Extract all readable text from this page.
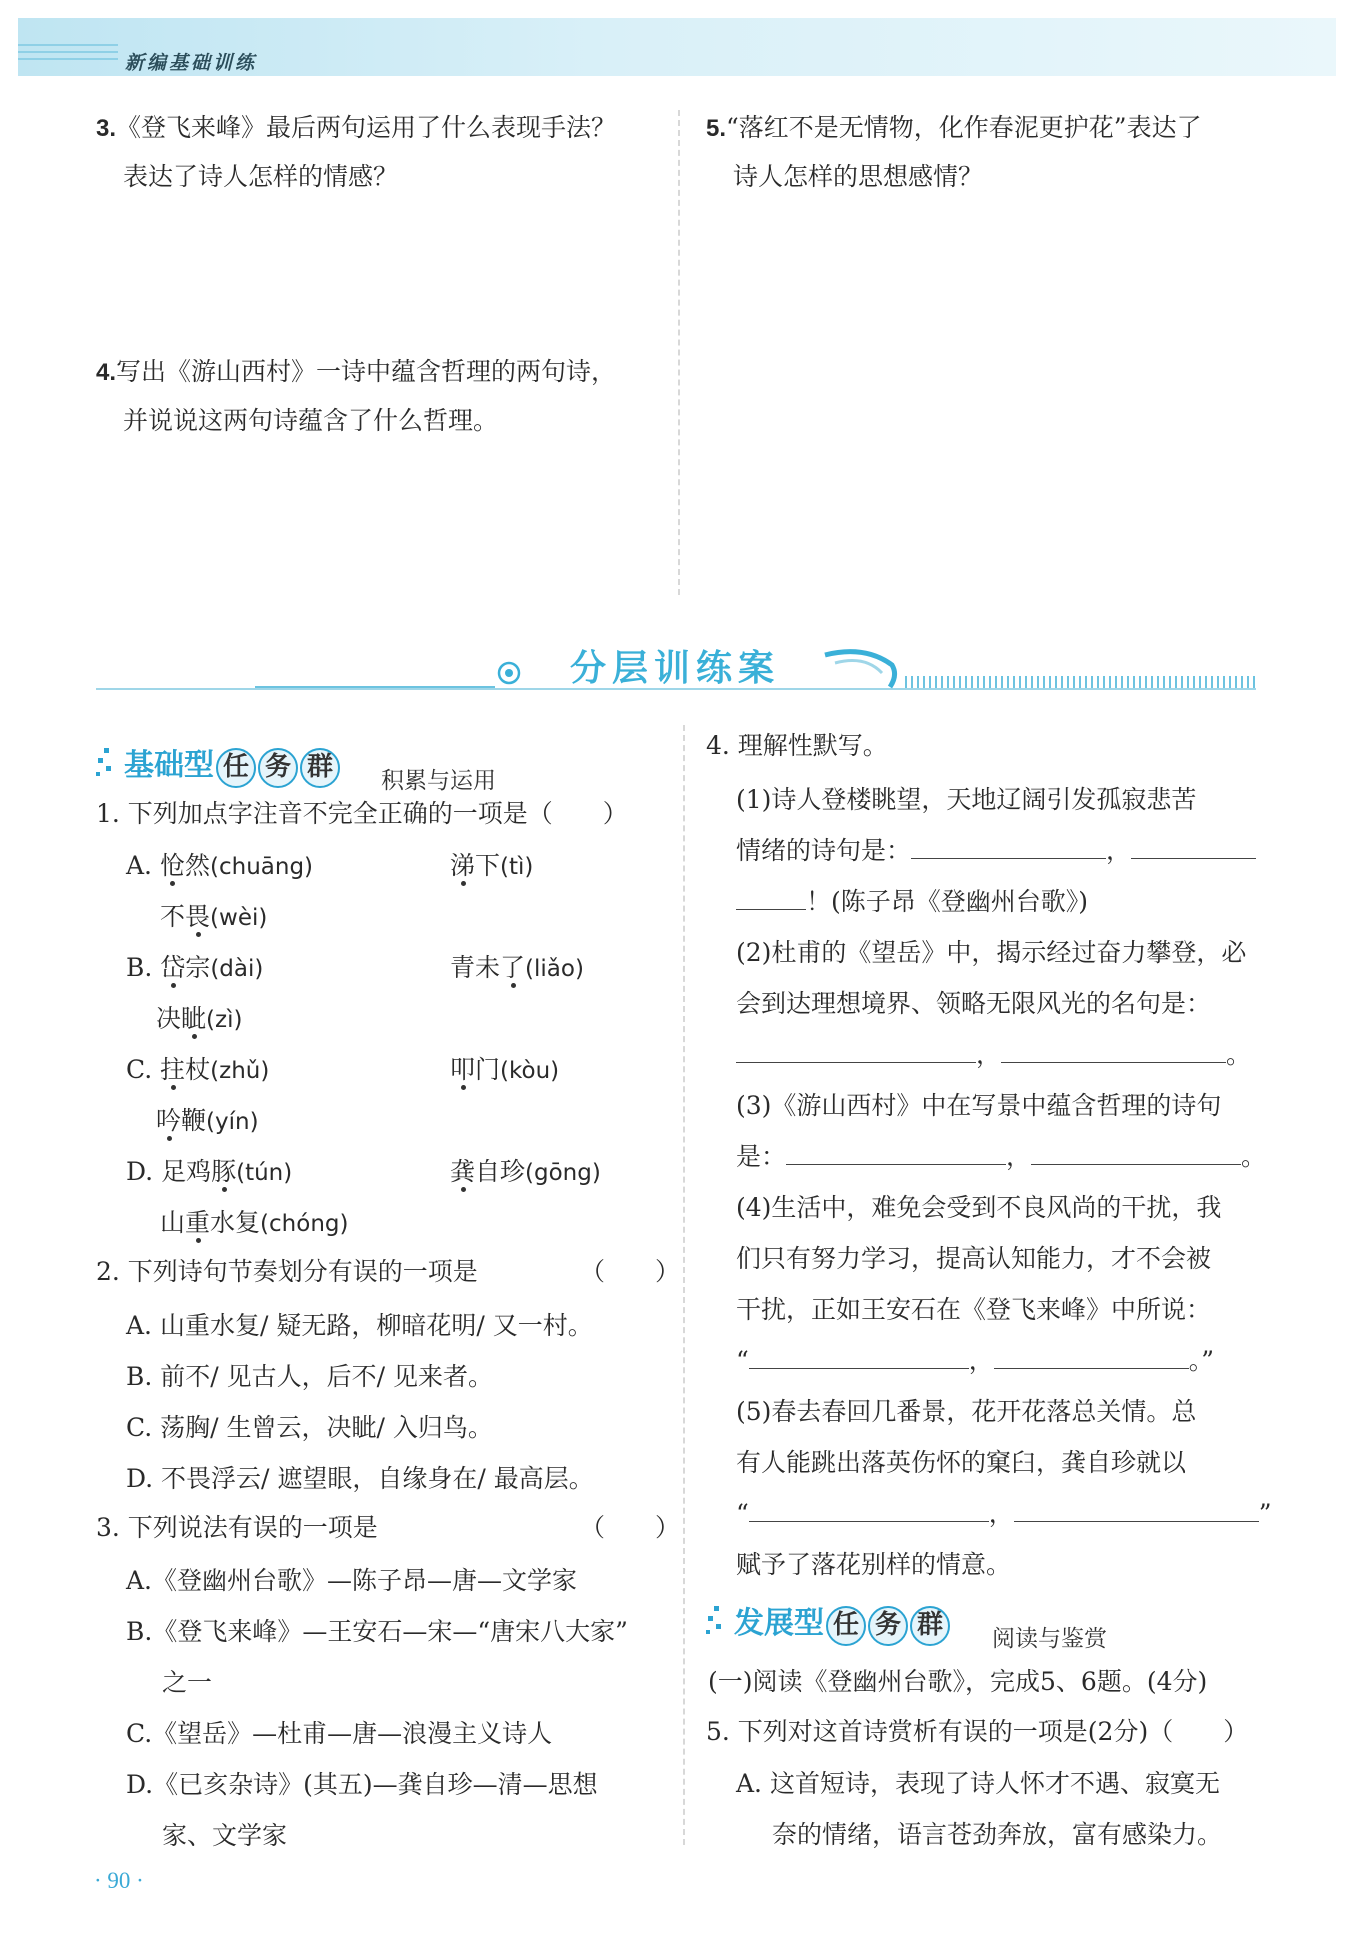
新编基础训练
3.《登飞来峰》最后两句运用了什么表现手法？
表达了诗人怎样的情感？
4.写出《游山西村》一诗中蕴含哲理的两句诗，
并说说这两句诗蕴含了什么哲理。
5.“落红不是无情物，化作春泥更护花”表达了
诗人怎样的思想感情？
分层训练案
基础型 任 务 群	积累与运用
1. 下列加点字注音不完全正确的一项是（　　）
A. 怆然(chuāng)	涕下(tì)
不畏(wèi)
B. 岱宗(dài)	青未了(liǎo)
决眦(zì)
C. 拄杖(zhǔ)	叩门(kòu)
吟鞭(yín)
D. 足鸡豚(tún)	龚自珍(gōng)
山重水复(chóng)
2. 下列诗句节奏划分有误的一项是	（　　）
A. 山重水复/ 疑无路，柳暗花明/ 又一村。
B. 前不/ 见古人，后不/ 见来者。
C. 荡胸/ 生曾云，决眦/ 入归鸟。
D. 不畏浮云/ 遮望眼，自缘身在/ 最高层。
3. 下列说法有误的一项是	（　　）
A.《登幽州台歌》—陈子昂—唐—文学家
B.《登飞来峰》—王安石—宋—“唐宋八大家”
之一
C.《望岳》—杜甫—唐—浪漫主义诗人
D.《已亥杂诗》(其五)—龚自珍—清—思想
家、文学家
4. 理解性默写。
(1)诗人登楼眺望，天地辽阔引发孤寂悲苦
情绪的诗句是：	，
！(陈子昂《登幽州台歌》)
(2)杜甫的《望岳》中，揭示经过奋力攀登，必
会到达理想境界、领略无限风光的名句是：
，	。
(3)《游山西村》中在写景中蕴含哲理的诗句
是：	，	。
(4)生活中，难免会受到不良风尚的干扰，我
们只有努力学习，提高认知能力，才不会被
干扰，正如王安石在《登飞来峰》中所说：
“	，	。”
(5)春去春回几番景，花开花落总关情。总
有人能跳出落英伤怀的窠臼，龚自珍就以
“	，	”
赋予了落花别样的情意。
发展型 任 务 群	阅读与鉴赏
(一)阅读《登幽州台歌》，完成5、6题。(4分)
5. 下列对这首诗赏析有误的一项是(2分)（　　）
A. 这首短诗，表现了诗人怀才不遇、寂寞无
奈的情绪，语言苍劲奔放，富有感染力。
· 90 ·
